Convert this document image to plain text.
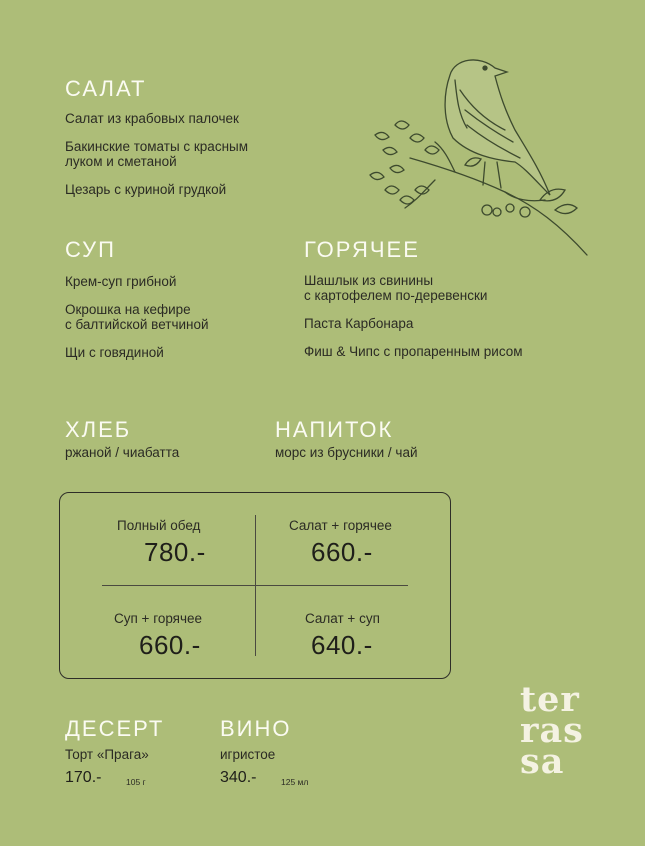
САЛАТ
Салат из крабовых палочек
Бакинские томаты с красным
луком и сметаной
Цезарь с куриной грудкой
СУП
Крем-суп грибной
Окрошка на кефире
с балтийской ветчиной
Щи с говядиной
ГОРЯЧЕЕ
Шашлык из свинины
с картофелем по-деревенски
Паста Карбонара
Фиш & Чипс с пропаренным рисом
ХЛЕБ
ржаной / чиабатта
НАПИТОК
морс из брусники / чай
Полный обед
780.-
Салат + горячее
660.-
Суп + горячее
660.-
Салат + суп
640.-
ДЕСЕРТ
Торт «Прага»
170.-	105 г
ВИНО
игристое
340.-	125 мл
ter
ras
sa
